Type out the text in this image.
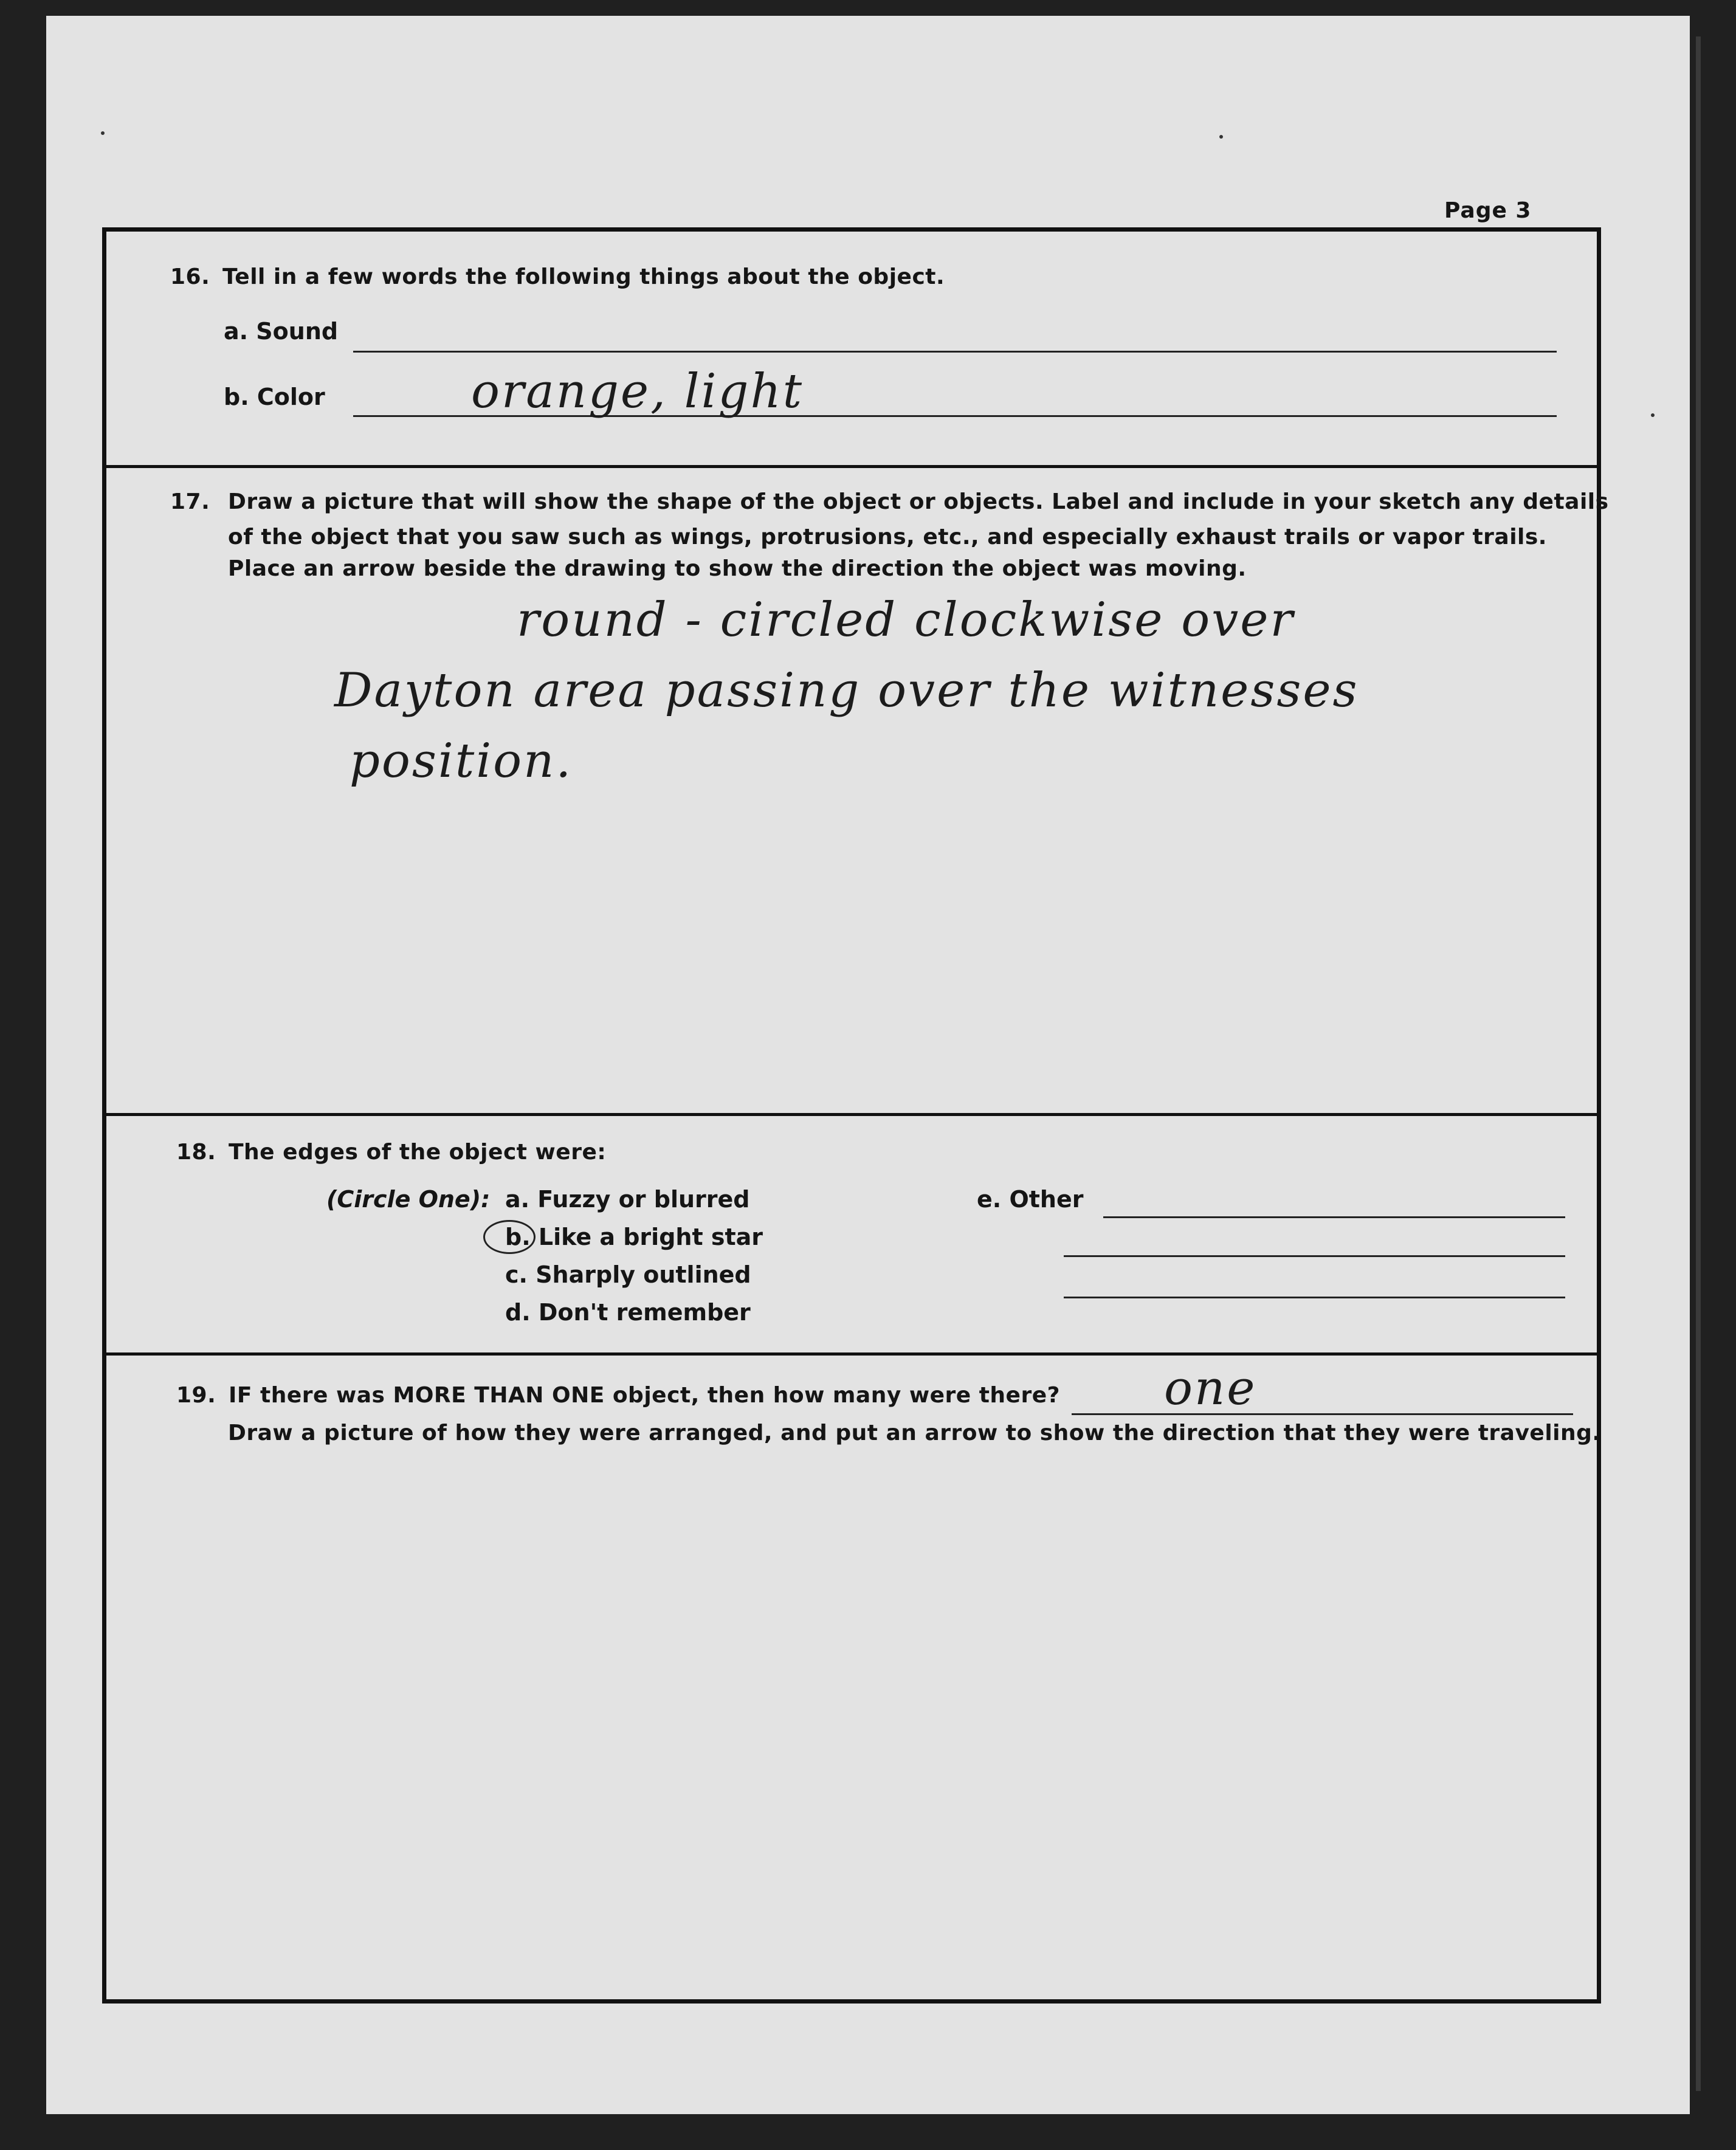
Page 3
16. Tell in a few words the following things about the object.
a. Sound
b. Color	orange, light
17. Draw a picture that will show the shape of the object or objects. Label and include in your sketch any details
of the object that you saw such as wings, protrusions, etc., and especially exhaust trails or vapor trails.
Place an arrow beside the drawing to show the direction the object was moving.
round - circled clockwise over
Dayton area passing over the witnesses
position.
18. The edges of the object were:
(Circle One): a. Fuzzy or blurred
b. Like a bright star
c. Sharply outlined
d. Don't remember
e. Other
19. IF there was MORE THAN ONE object, then how many were there? one
Draw a picture of how they were arranged, and put an arrow to show the direction that they were traveling.
